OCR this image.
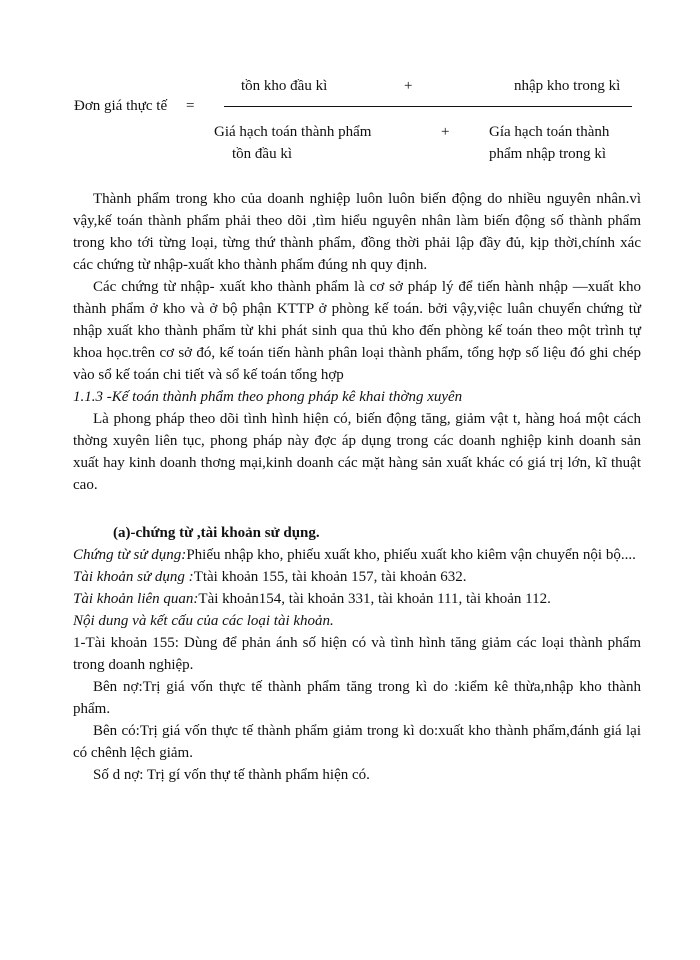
Đơn giá thực tế =
tồn kho đầu kì	+	nhập kho trong kì
Giá hạch toán thành phẩm
tồn đầu kì
+	Gía hạch toán thành
phẩm nhập trong kì

Thành phẩm trong kho của doanh nghiệp luôn luôn biến động do nhiều nguyên nhân.vì vậy,kế toán thành phẩm phải theo dõi ,tìm hiểu nguyên nhân làm biến động số thành phẩm trong kho tới từng loại, từng thứ thành phẩm, đồng thời phải lập đầy đủ, kịp thời,chính xác các chứng từ nhập-xuất kho thành phẩm đúng nh quy định.

Các chứng từ nhập- xuất kho thành phẩm là cơ sở pháp lý để tiến hành nhập —xuất kho thành phẩm ở kho và ở bộ phận KTTP ở phòng kế toán. bởi vậy,việc luân chuyển chứng từ nhập xuất kho thành phẩm từ khi phát sinh qua thủ kho đến phòng kế toán theo một trình tự khoa học.trên cơ sở đó, kế toán tiến hành phân loại thành phẩm, tổng hợp số liệu đó ghi chép vào sổ kế toán chi tiết và sổ kế toán tổng hợp

1.1.3 -Kế toán thành phẩm theo phong pháp kê khai thờng xuyên

Là phong pháp theo dõi tình hình hiện có, biến động tăng, giảm vật t, hàng hoá một cách thờng xuyên liên tục, phong pháp này đợc áp dụng trong các doanh nghiệp kinh doanh sản xuất hay kinh doanh thơng mại,kinh doanh các mặt hàng sản xuất khác có giá trị lớn, kĩ thuật cao.

(a)-chứng từ ,tài khoản sử dụng.

Chứng từ sử dụng:Phiếu nhập kho, phiếu xuất kho, phiếu xuất kho kiêm vận chuyển nội bộ....

Tài khoản sử dụng :Ttài khoản 155, tài khoản 157, tài khoản 632.

Tài khoản liên quan:Tài khoản154, tài khoản 331, tài khoản 111, tài khoản 112.

Nội dung và kết cấu của các loại tài khoản.

1-Tài khoản 155: Dùng để phản ánh số hiện có và tình hình tăng giảm các loại thành phẩm trong doanh nghiệp.

Bên nợ:Trị giá vốn thực tế thành phẩm tăng trong kì do :kiểm kê thừa,nhập kho thành phẩm.

Bên có:Trị giá vốn thực tế thành phẩm giảm trong kì do:xuất kho thành phẩm,đánh giá lại có chênh lệch giảm.

Số d nợ: Trị gí vốn thự tế thành phẩm hiện có.
